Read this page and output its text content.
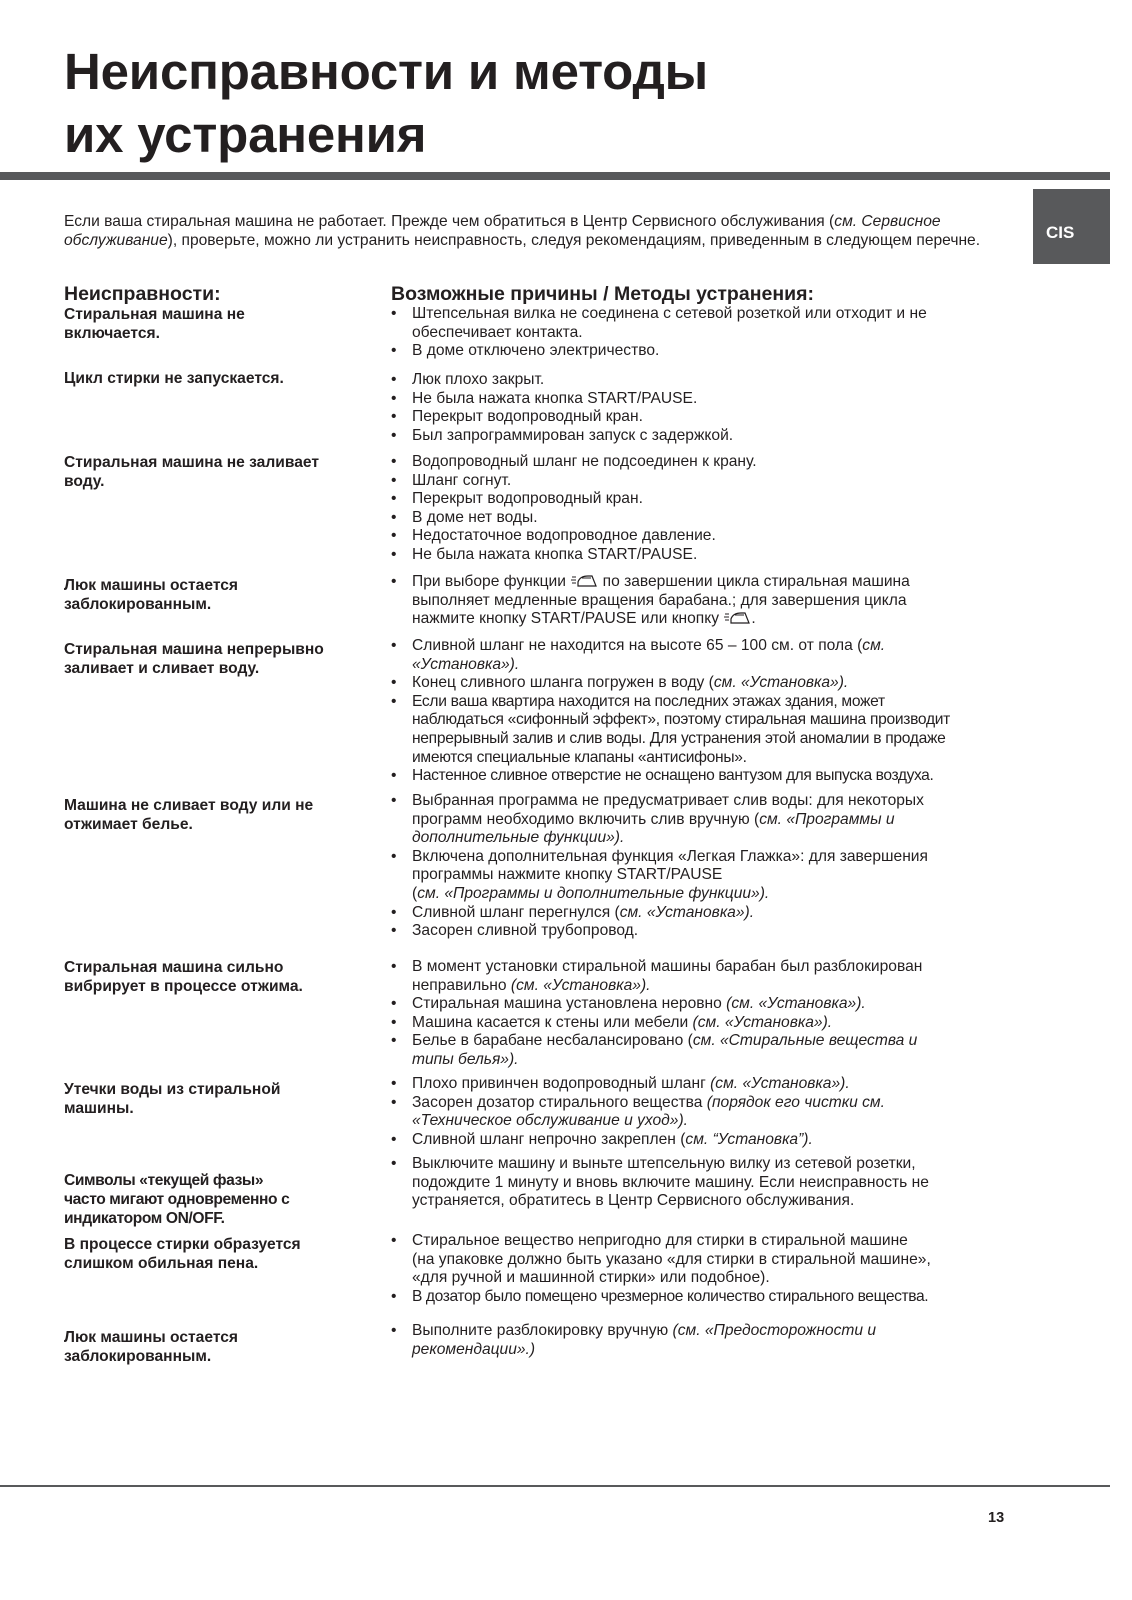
Неисправности и методы
их устранения
CIS

Если ваша стиральная машина не работает. Прежде чем обратиться в Центр Сервисного обслуживания (см. Сервисное обслуживание), проверьте, можно ли устранить неисправность, следуя рекомендациям, приведенным в следующем перечне.

Неисправности:	Возможные причины / Методы устранения:

Стиральная машина не
включается.

• Штепсельная вилка не соединена с сетевой розеткой или отходит и не
обеспечивает контакта.
• В доме отключено электричество.

Цикл стирки не запускается.

•	Люк плохо закрыт.
• Не была нажата кнопка START/PAUSE.
• Перекрыт водопроводный кран.
• Был запрограммирован запуск с задержкой.

Стиральная машина не заливает
воду.

• Водопроводный шланг не подсоединен к крану.
• Шланг согнут.
• Перекрыт водопроводный кран.
• В доме нет воды.
• Недостаточное водопроводное давление.
• Не была нажата кнопка START/PAUSE.

Люк машины остается
заблокированным.

• При выборе функции по завершении цикла стиральная машина
выполняет медленные вращения барабана.; для завершения цикла
нажмите кнопку START/PAUSE или кнопку .

Стиральная машина непрерывно
заливает и сливает воду.

• Сливной шланг не находится на высоте 65 – 100 см. от пола (см.
«Установка»).
• Конец сливного шланга погружен в воду (см. «Установка»).
• Если ваша квартира находится на последних этажах здания, может
наблюдаться «сифонный эффект», поэтому стиральная машина производит
непрерывный залив и слив воды. Для устранения этой аномалии в продаже
имеются специальные клапаны «антисифоны».
• Настенное сливное отверстие не оснащено вантузом для выпуска воздуха.

Машина не сливает воду или не
отжимает белье.

• Выбранная программа не предусматривает слив воды: для некоторых
программ необходимо включить слив вручную (см. «Программы и
дополнительные функции»).
• Включена дополнительная функция «Легкая Глажка»: для завершения
программы нажмите кнопку START/PAUSE
(см. «Программы и дополнительные функции»).
• Сливной шланг перегнулся (см. «Установка»).
• Засорен сливной трубопровод.

Стиральная машина сильно
вибрирует в процессе отжима.

• В момент установки стиральной машины барабан был разблокирован
неправильно (см. «Установка»).
• Стиральная машина установлена неровно (см. «Установка»).
• Машина касается к стены или мебели (см. «Установка»).
• Белье в барабане несбалансировано (см. «Стиральные вещества и
типы белья»).

Утечки воды из стиральной
машины.

• Плохо привинчен водопроводный шланг (см. «Установка»).
• Засорен дозатор стирального вещества (порядок его чистки см.
«Техническое обслуживание и уход»).
• Сливной шланг непрочно закреплен (см. “Установка”).

Символы «текущей фазы»
часто мигают одновременно с
индикатором ON/OFF.

• Выключите машину и выньте штепсельную вилку из сетевой розетки,
подождите 1 минуту и вновь включите машину. Если неисправность не
устраняется, обратитесь в Центр Сервисного обслуживания.

В процессе стирки образуется
слишком обильная пена.

• Стиральное вещество непригодно для стирки в стиральной машине
(на упаковке должно быть указано «для стирки в стиральной машине»,
«для ручной и машинной стирки» или подобное).
• В дозатор было помещено чрезмерное количество стирального вещества.

Люк машины остается
заблокированным.

• Выполните разблокировку вручную (см. «Предосторожности и
рекомендации».)

13
